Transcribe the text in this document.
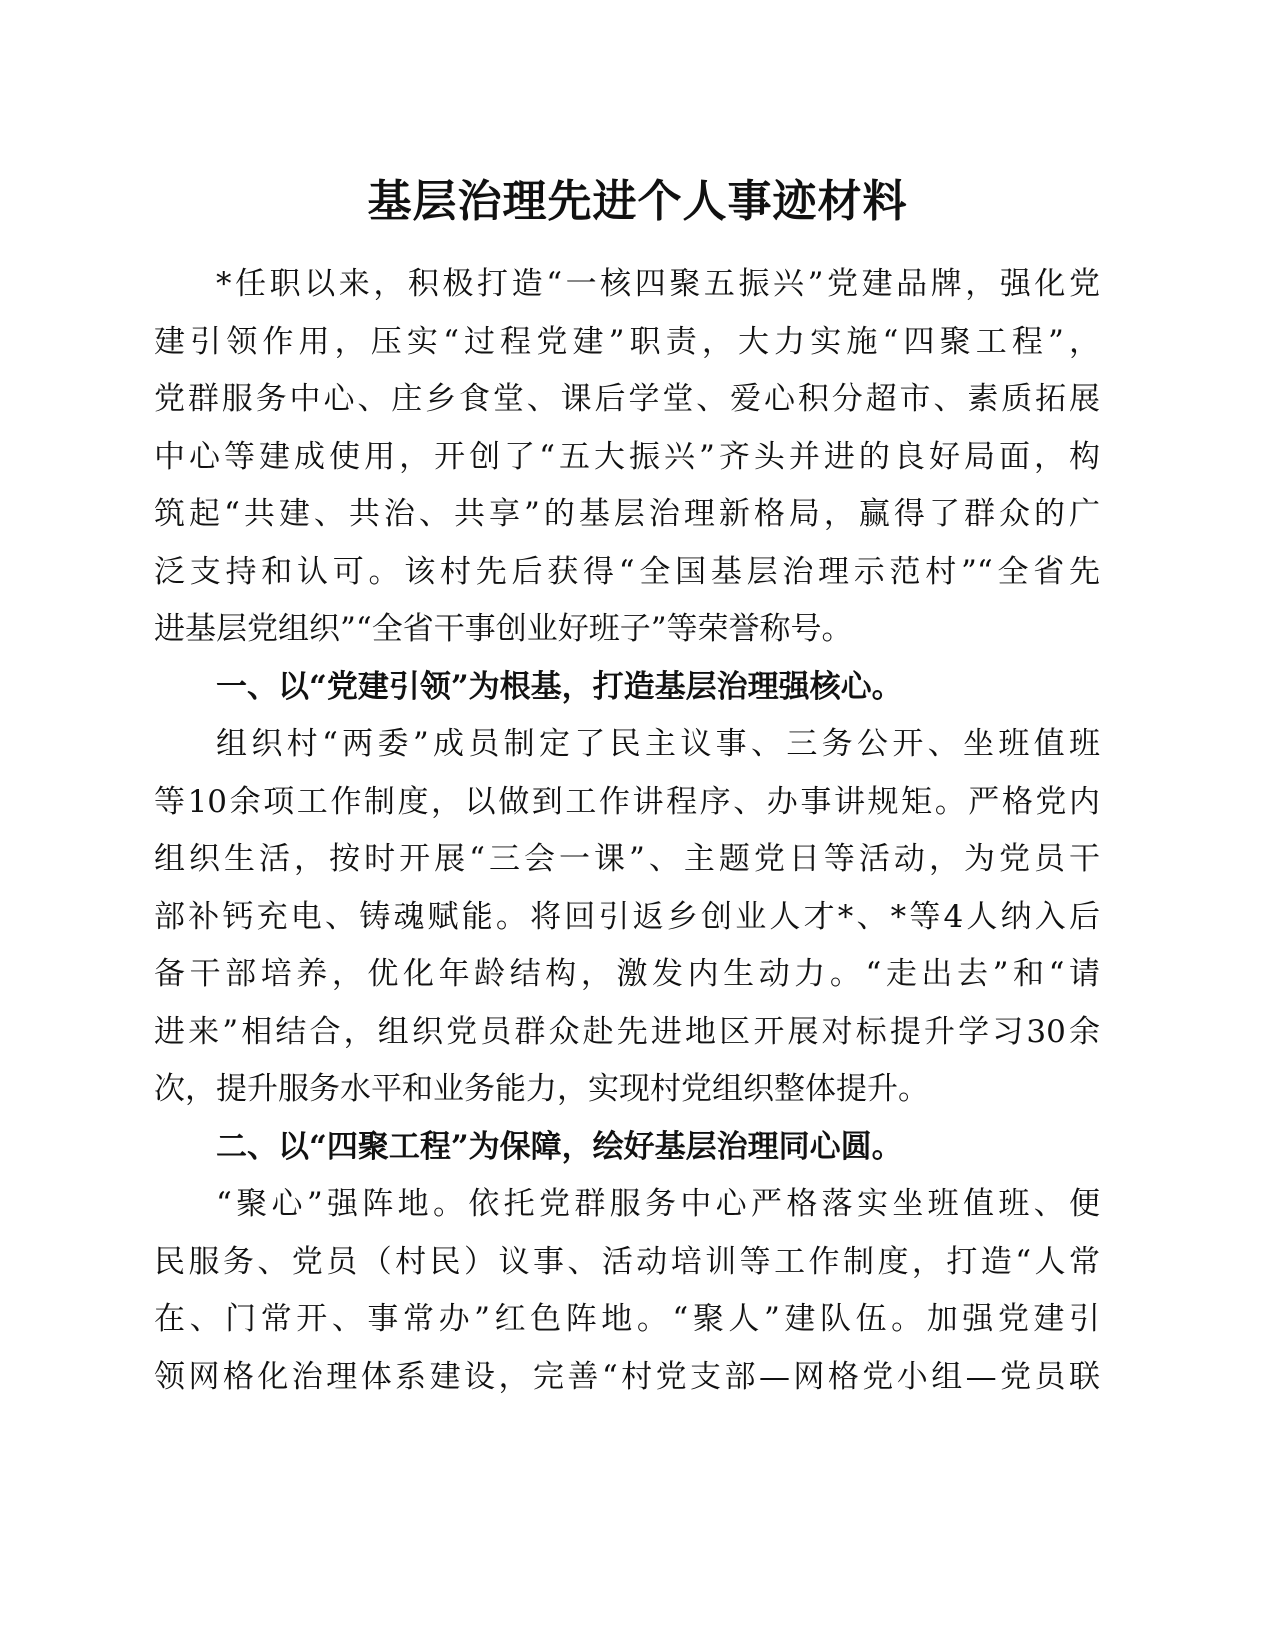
基层治理先进个人事迹材料
*任职以来，积极打造“一核四聚五振兴”党建品牌，强化党
建引领作用，压实“过程党建”职责，大力实施“四聚工程”，
党群服务中心、庄乡食堂、课后学堂、爱心积分超市、素质拓展
中心等建成使用，开创了“五大振兴”齐头并进的良好局面，构
筑起“共建、共治、共享”的基层治理新格局，赢得了群众的广
泛支持和认可。该村先后获得“全国基层治理示范村”“全省先
进基层党组织”“全省干事创业好班子”等荣誉称号。
一、以“党建引领”为根基，打造基层治理强核心。
组织村“两委”成员制定了民主议事、三务公开、坐班值班
等10余项工作制度，以做到工作讲程序、办事讲规矩。严格党内
组织生活，按时开展“三会一课”、主题党日等活动，为党员干
部补钙充电、铸魂赋能。将回引返乡创业人才*、*等4人纳入后
备干部培养，优化年龄结构，激发内生动力。“走出去”和“请
进来”相结合，组织党员群众赴先进地区开展对标提升学习30余
次，提升服务水平和业务能力，实现村党组织整体提升。
二、以“四聚工程”为保障，绘好基层治理同心圆。
“聚心”强阵地。依托党群服务中心严格落实坐班值班、便
民服务、党员（村民）议事、活动培训等工作制度，打造“人常
在、门常开、事常办”红色阵地。“聚人”建队伍。加强党建引
领网格化治理体系建设，完善“村党支部—网格党小组—党员联
